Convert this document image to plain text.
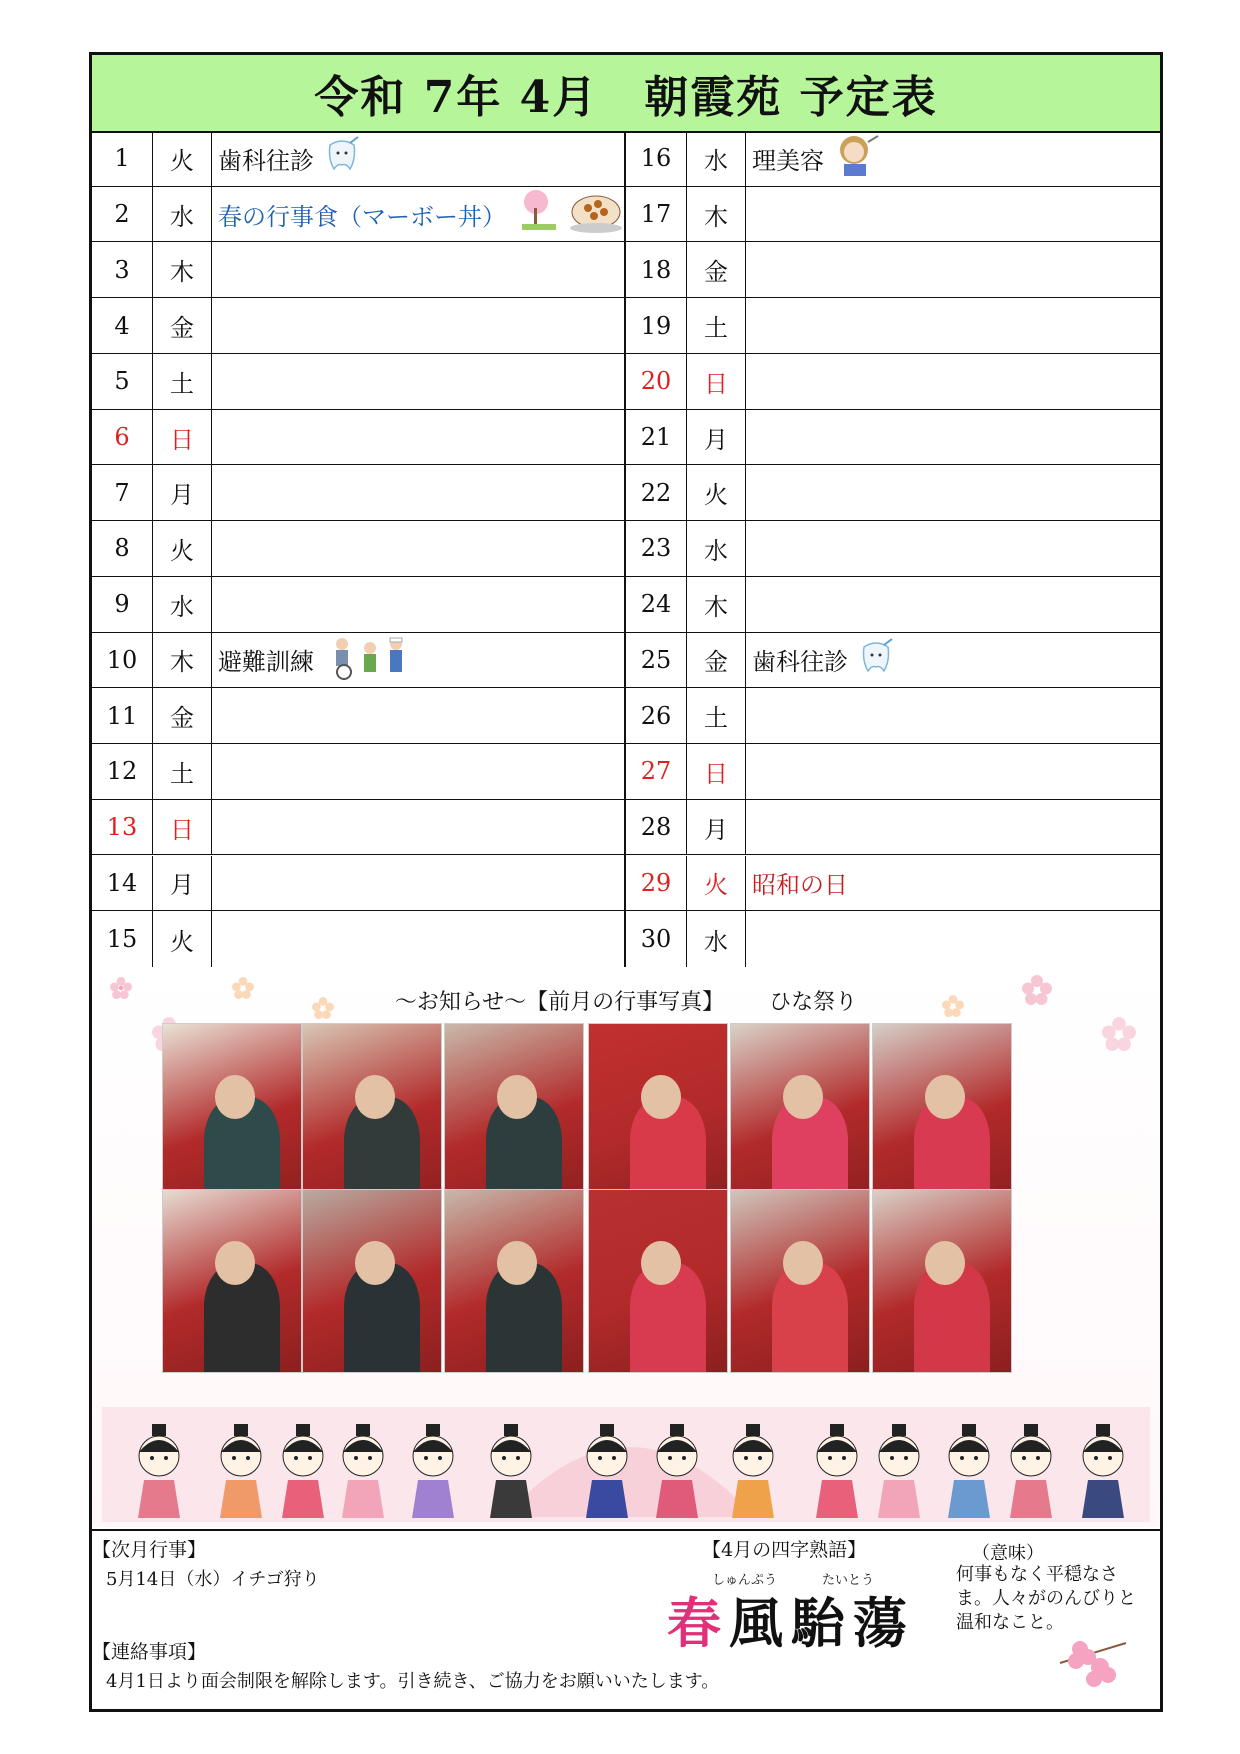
令和 7年 4月　朝霞苑 予定表
1	火	歯科往診
2	水	春の行事食（マーボー丼）
3	木
4	金
5	土
6	日
7	月
8	火
9	水
10	木	避難訓練
11	金
12	土
13	日
14	月
15	火
16	水	理美容
17	木
18	金
19	土
20	日
21	月
22	火
23	水
24	木
25	金	歯科往診
26	土
27	日
28	月
29	火	昭和の日
30	水
～お知らせ～【前月の行事写真】 ひな祭り
【次月行事】
5月14日（水）イチゴ狩り
【4月の四字熟語】
しゅんぷう	たいとう
春風駘蕩
（意味）
何事もなく平穏なさま。人々がのんびりと温和なこと。
【連絡事項】
4月1日より面会制限を解除します。引き続き、ご協力をお願いいたします。
